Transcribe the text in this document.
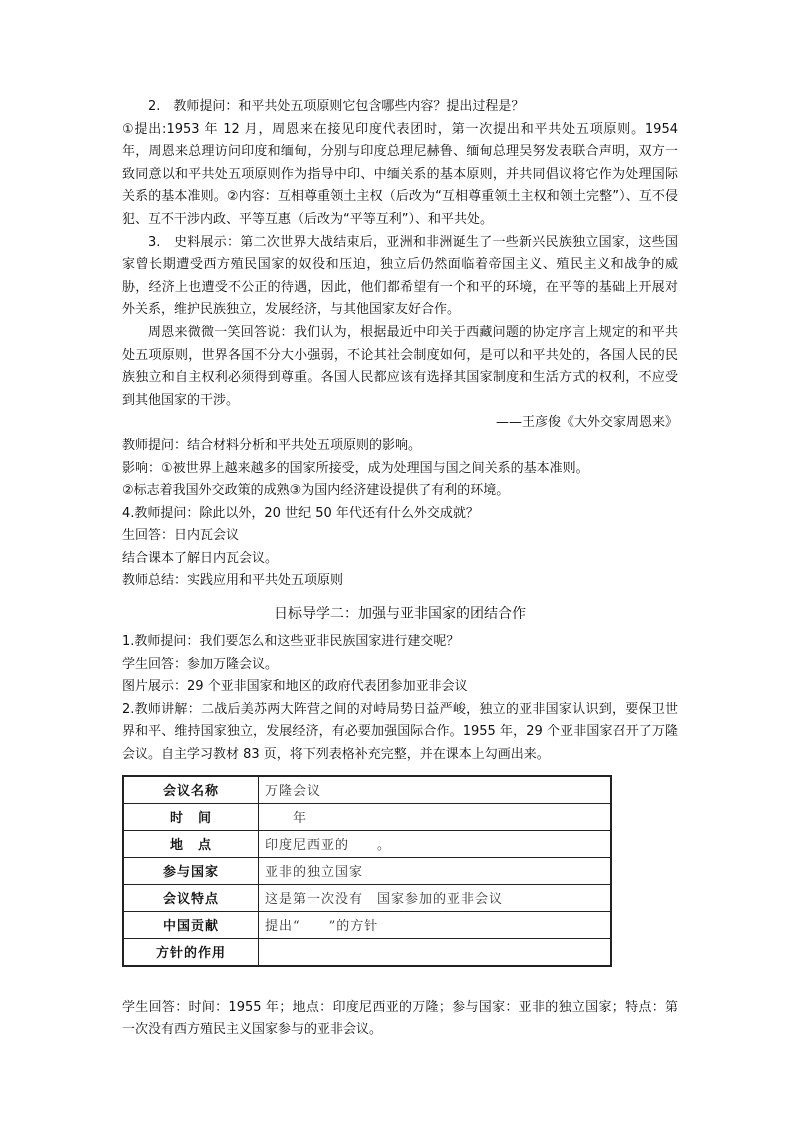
2.　教师提问：和平共处五项原则它包含哪些内容？提出过程是？

①提出:1953 年 12 月，周恩来在接见印度代表团时，第一次提出和平共处五项原则。1954 年，周恩来总理访问印度和缅甸，分别与印度总理尼赫鲁、缅甸总理吴努发表联合声明，双方一致同意以和平共处五项原则作为指导中印、中缅关系的基本原则，并共同倡议将它作为处理国际关系的基本准则。②内容：互相尊重领土主权（后改为“互相尊重领土主权和领土完整”）、互不侵犯、互不干涉内政、平等互惠（后改为“平等互利”）、和平共处。

3.　史料展示：第二次世界大战结束后，亚洲和非洲诞生了一些新兴民族独立国家，这些国家曾长期遭受西方殖民国家的奴役和压迫，独立后仍然面临着帝国主义、殖民主义和战争的威胁，经济上也遭受不公正的待遇，因此，他们都希望有一个和平的环境，在平等的基础上开展对外关系，维护民族独立，发展经济，与其他国家友好合作。

周恩来微微一笑回答说：我们认为，根据最近中印关于西藏问题的协定序言上规定的和平共处五项原则，世界各国不分大小强弱，不论其社会制度如何，是可以和平共处的，各国人民的民族独立和自主权利必须得到尊重。各国人民都应该有选择其国家制度和生活方式的权利，不应受到其他国家的干涉。

——王彦俊《大外交家周恩来》

教师提问：结合材料分析和平共处五项原则的影响。

影响：①被世界上越来越多的国家所接受，成为处理国与国之间关系的基本准则。

②标志着我国外交政策的成熟③为国内经济建设提供了有利的环境。

4.教师提问：除此以外，20 世纪 50 年代还有什么外交成就？

生回答：日内瓦会议

结合课本了解日内瓦会议。

教师总结：实践应用和平共处五项原则

日标导学二：加强与亚非国家的团结合作

1.教师提问：我们要怎么和这些亚非民族国家进行建交呢？

学生回答：参加万隆会议。

图片展示：29 个亚非国家和地区的政府代表团参加亚非会议

2.教师讲解：二战后美苏两大阵营之间的对峙局势日益严峻，独立的亚非国家认识到，要保卫世界和平、维持国家独立，发展经济，有必要加强国际合作。1955 年，29 个亚非国家召开了万隆会议。自主学习教材 83 页，将下列表格补充完整，并在课本上勾画出来。

会议名称	万隆会议
时　间	　　年
地　点	印度尼西亚的　　。
参与国家	亚非的独立国家
会议特点	这是第一次没有　国家参加的亚非会议
中国贡献	提出“　　”的方针
方针的作用	

学生回答：时间：1955 年；地点：印度尼西亚的万隆；参与国家：亚非的独立国家；特点：第一次没有西方殖民主义国家参与的亚非会议。
